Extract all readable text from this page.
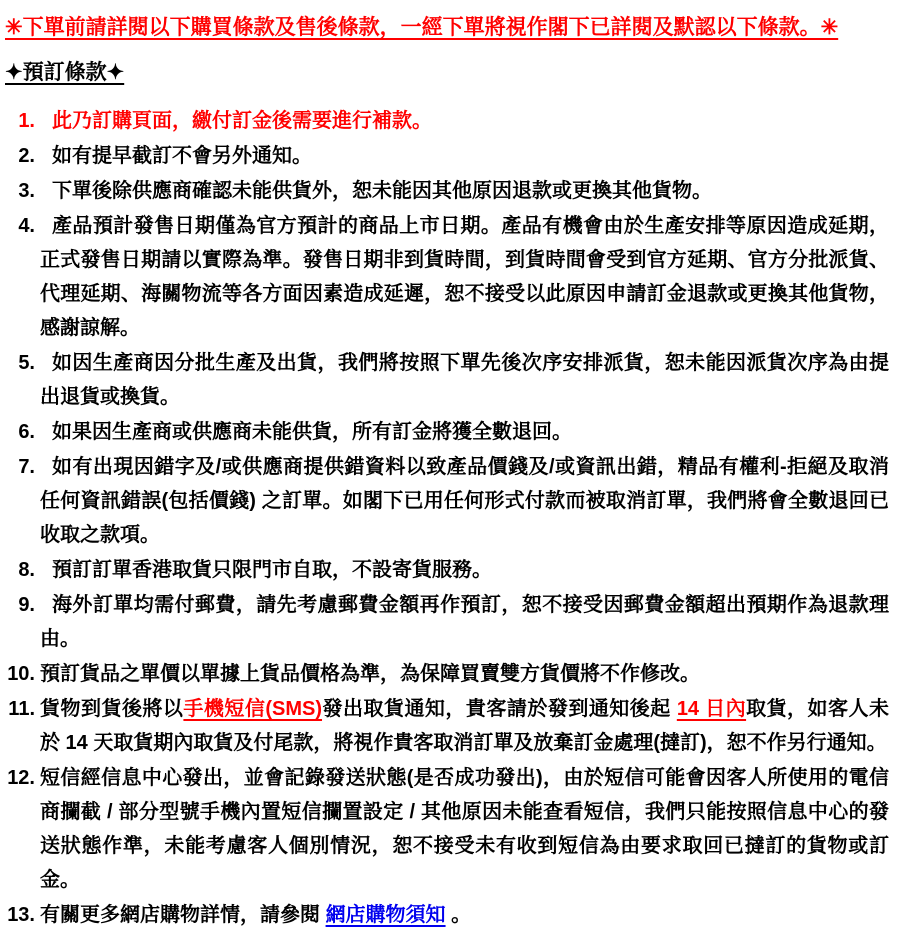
✳下單前請詳閱以下購買條款及售後條款，一經下單將視作閣下已詳閱及默認以下條款。✳

✦預訂條款✦
1. 此乃訂購頁面，繳付訂金後需要進行補款。
2. 如有提早截訂不會另外通知。
3. 下單後除供應商確認未能供貨外，恕未能因其他原因退款或更換其他貨物。
4. 產品預計發售日期僅為官方預計的商品上市日期。產品有機會由於生產安排等原因造成延期，正式發售日期請以實際為準。發售日期非到貨時間，到貨時間會受到官方延期、官方分批派貨、代理延期、海關物流等各方面因素造成延遲，恕不接受以此原因申請訂金退款或更換其他貨物，感謝諒解。
5. 如因生產商因分批生產及出貨，我們將按照下單先後次序安排派貨，恕未能因派貨次序為由提出退貨或換貨。
6. 如果因生產商或供應商未能供貨，所有訂金將獲全數退回。
7. 如有出現因錯字及/或供應商提供錯資料以致產品價錢及/或資訊出錯，精品有權利-拒絕及取消任何資訊錯誤(包括價錢) 之訂單。如閣下已用任何形式付款而被取消訂單，我們將會全數退回已收取之款項。
8. 預訂訂單香港取貨只限門市自取，不設寄貨服務。
9. 海外訂單均需付郵費，請先考慮郵費金額再作預訂，恕不接受因郵費金額超出預期作為退款理由。
10. 預訂貨品之單價以單據上貨品價格為準，為保障買賣雙方貨價將不作修改。
11. 貨物到貨後將以手機短信(SMS)發出取貨通知，貴客請於發到通知後起 14 日內取貨，如客人未於 14 天取貨期內取貨及付尾款，將視作貴客取消訂單及放棄訂金處理(撻訂)，恕不作另行通知。
12. 短信經信息中心發出，並會記錄發送狀態(是否成功發出)，由於短信可能會因客人所使用的電信商攔截 / 部分型號手機內置短信攔置設定 / 其他原因未能查看短信，我們只能按照信息中心的發送狀態作準，未能考慮客人個別情況，恕不接受未有收到短信為由要求取回已撻訂的貨物或訂金。
13. 有關更多網店購物詳情，請參閱 網店購物須知 。
